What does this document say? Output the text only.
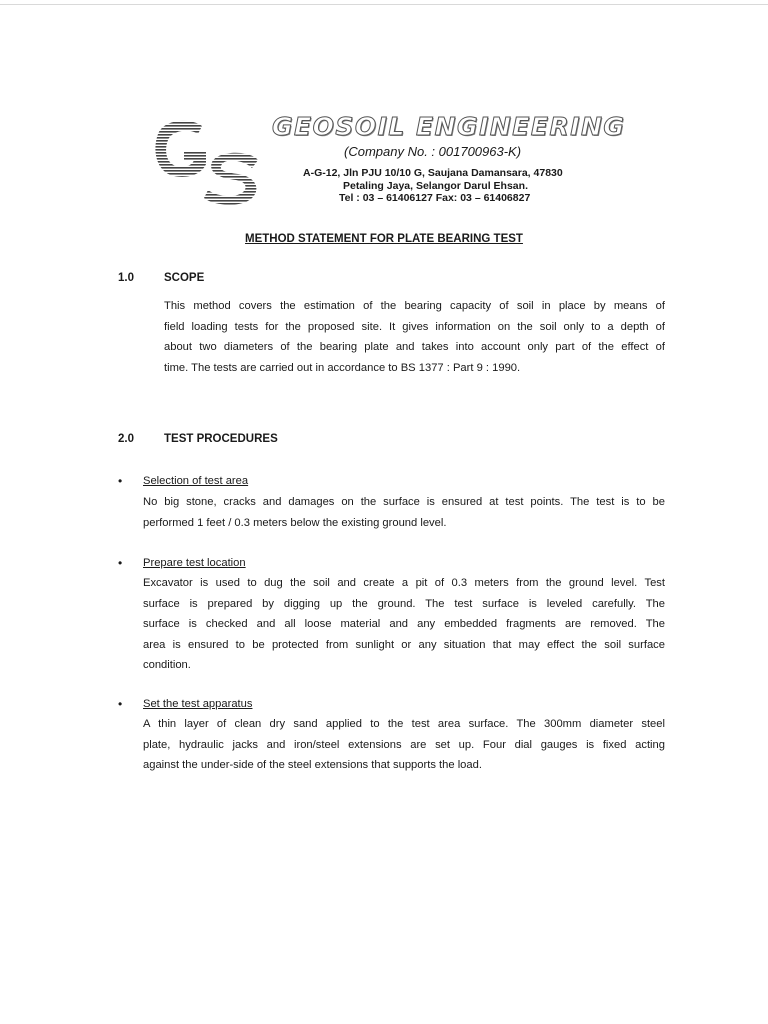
GEOSOIL ENGINEERING
(Company No. : 001700963-K)
A-G-12, Jln PJU 10/10 G, Saujana Damansara, 47830
Petaling Jaya, Selangor Darul Ehsan.
Tel : 03 – 61406127 Fax: 03 – 61406827
METHOD STATEMENT FOR PLATE BEARING TEST
1.0	SCOPE
This method covers the estimation of the bearing capacity of soil in place by means of
field loading tests for the proposed site. It gives information on the soil only to a depth of
about two diameters of the bearing plate and takes into account only part of the effect of
time. The tests are carried out in accordance to BS 1377 : Part 9 : 1990.
2.0	TEST PROCEDURES
• Selection of test area
No big stone, cracks and damages on the surface is ensured at test points. The test is to be
performed 1 feet / 0.3 meters below the existing ground level.
• Prepare test location
Excavator is used to dug the soil and create a pit of 0.3 meters from the ground level. Test
surface is prepared by digging up the ground. The test surface is leveled carefully. The
surface is checked and all loose material and any embedded fragments are removed. The
area is ensured to be protected from sunlight or any situation that may effect the soil surface
condition.
• Set the test apparatus
A thin layer of clean dry sand applied to the test area surface. The 300mm diameter steel
plate, hydraulic jacks and iron/steel extensions are set up. Four dial gauges is fixed acting
against the under-side of the steel extensions that supports the load.
